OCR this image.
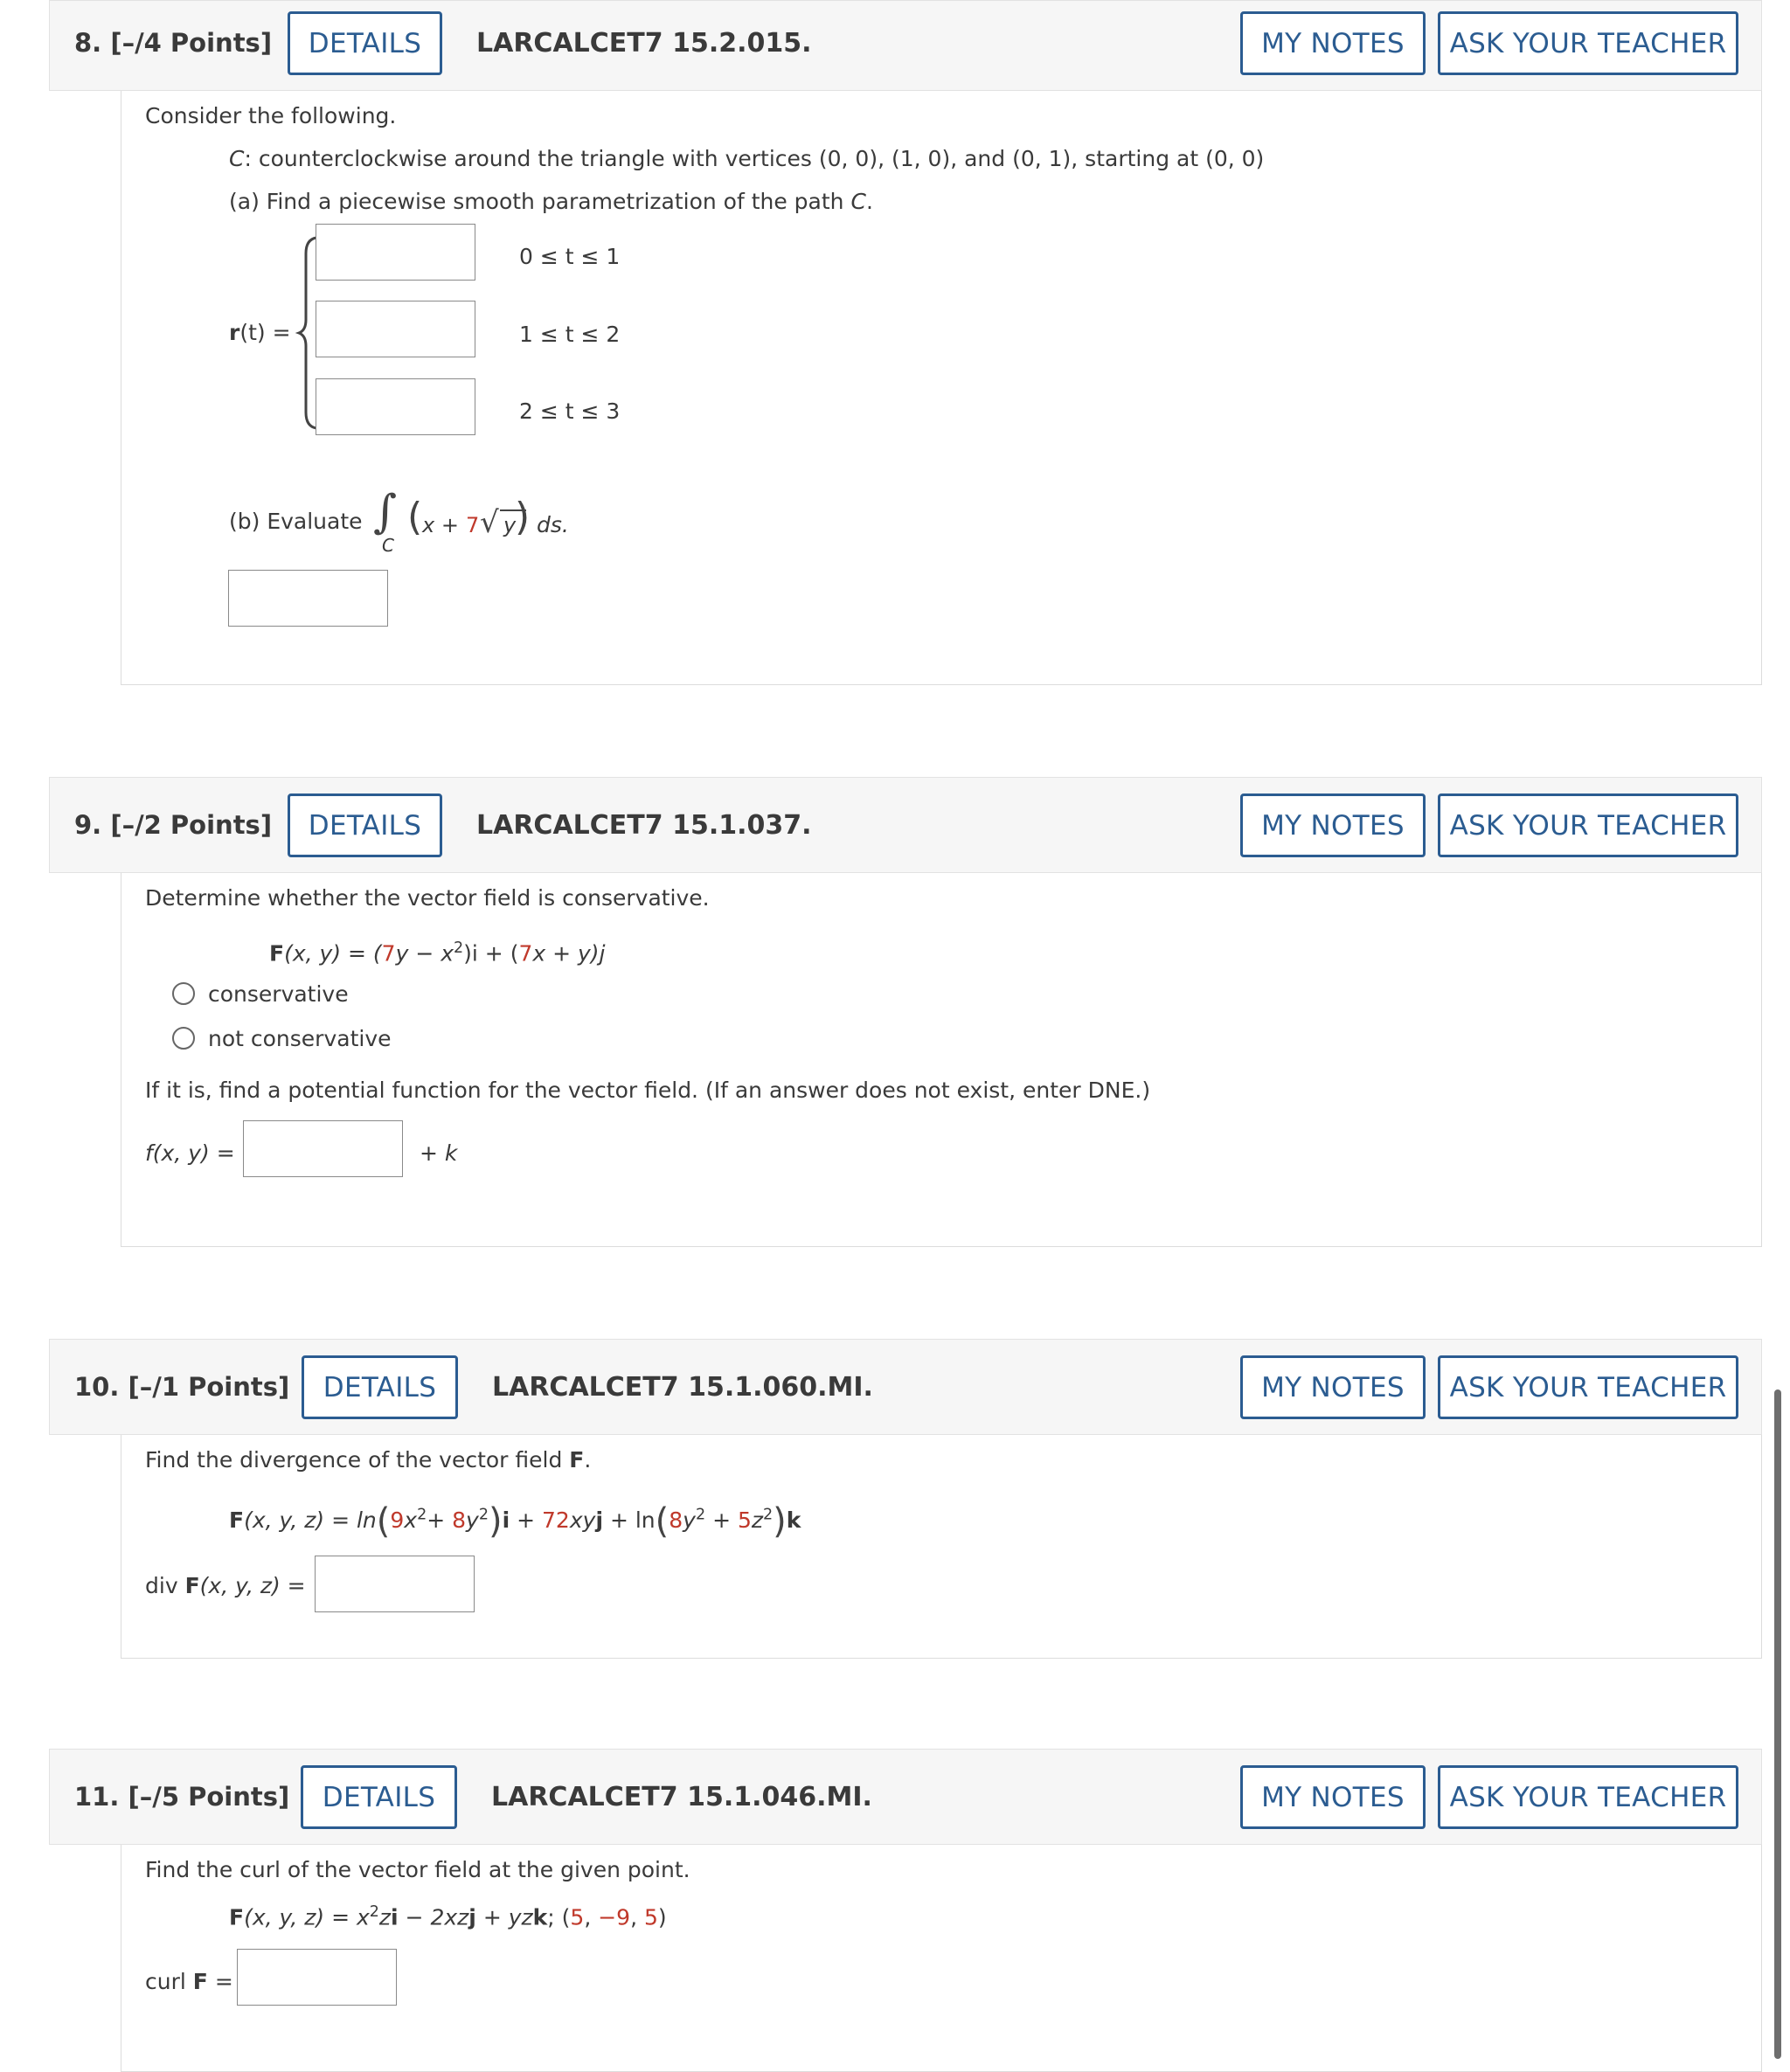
8. [–/4 Points]	DETAILS	LARCALCET7 15.2.015.	MY NOTES	ASK YOUR TEACHER
Consider the following.
C: counterclockwise around the triangle with vertices (0, 0), (1, 0), and (0, 1), starting at (0, 0)
(a) Find a piecewise smooth parametrization of the path C.
r(t) =
0 ≤ t ≤ 1
1 ≤ t ≤ 2
2 ≤ t ≤ 3
(b) Evaluate ∫
C
( x + 7 √ y
) ds.
9. [–/2 Points]	DETAILS	LARCALCET7 15.1.037.	MY NOTES	ASK YOUR TEACHER
Determine whether the vector field is conservative.
F(x, $y) = (7y - x^2)i + (7x + y)j$
conservative
not conservative
If it is, find a potential function for the vector field. (If an answer does not exist, enter DNE.)
f(x, y) =	+ k
10. [–/1 Points]	DETAILS	LARCALCET7 15.1.060.MI.	MY NOTES	ASK YOUR TEACHER
Find the divergence of the vector field F.
F(x, y, $z) = \ln(9x^2+ 8y^2)i + 72xyj + \ln(8y^2 + 5z^2)k$
div F(x, y, z) =
11. [–/5 Points]	DETAILS	LARCALCET7 15.1.046.MI.	MY NOTES	ASK YOUR TEACHER
Find the curl of the vector field at the given point.
F(x, y, $z) = x^2zi - 2xzj$ + yzk; (5, −9, 5)
curl F =
